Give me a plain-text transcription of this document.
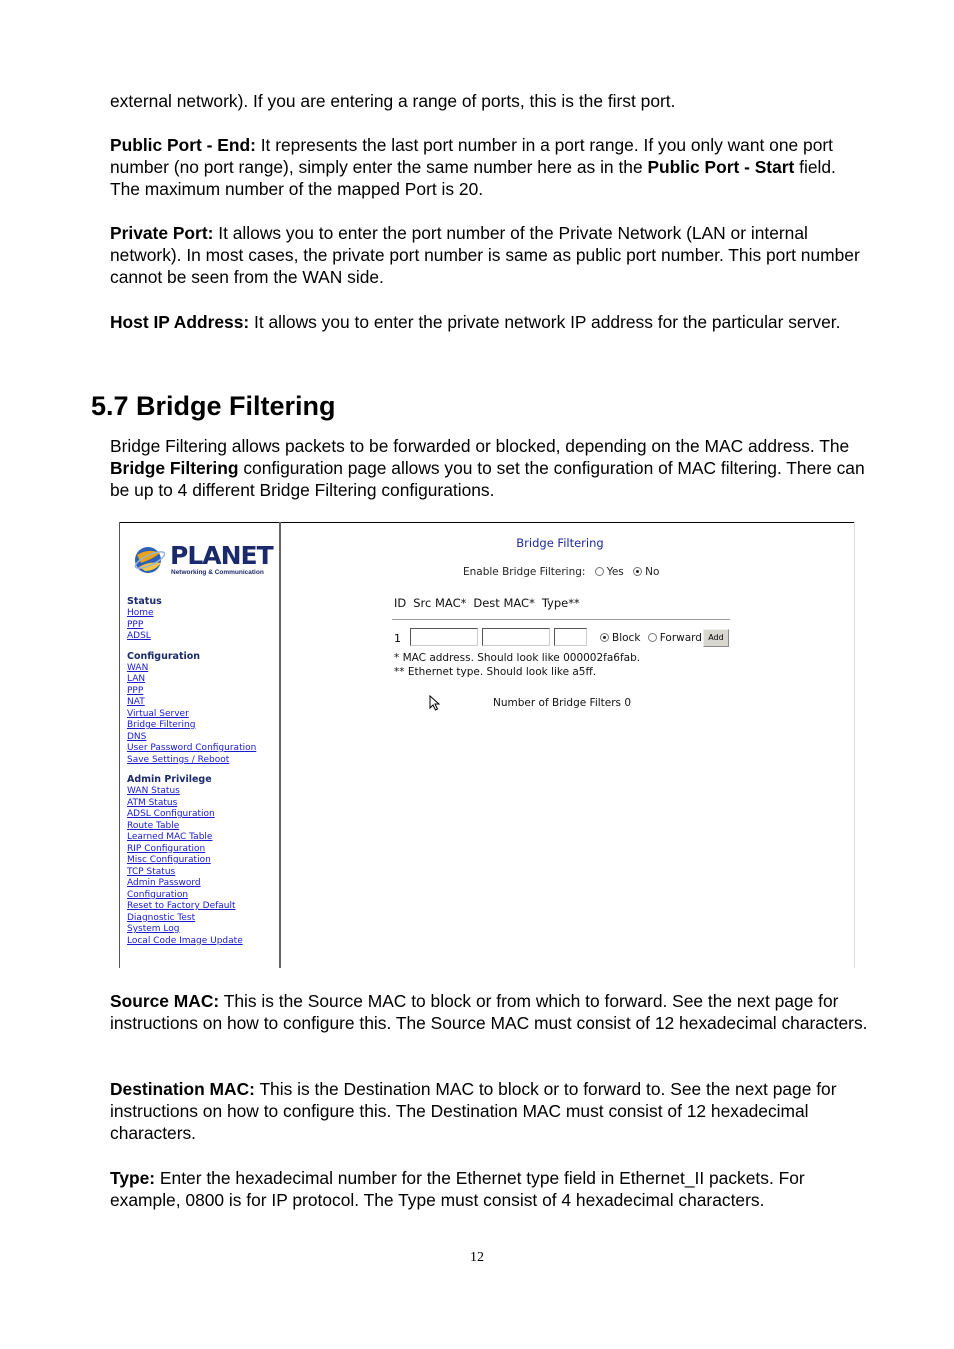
external network). If you are entering a range of ports, this is the first port.

Public Port - End: It represents the last port number in a port range. If you only want one port number (no port range), simply enter the same number here as in the Public Port - Start field. The maximum number of the mapped Port is 20.

Private Port: It allows you to enter the port number of the Private Network (LAN or internal network). In most cases, the private port number is same as public port number. This port number cannot be seen from the WAN side.

Host IP Address: It allows you to enter the private network IP address for the particular server.

5.7 Bridge Filtering

Bridge Filtering allows packets to be forwarded or blocked, depending on the MAC address. The Bridge Filtering configuration page allows you to set the configuration of MAC filtering. There can be up to 4 different Bridge Filtering configurations.

PLANET
Networking & Communication
Status
Home
PPP
ADSL
Configuration
WAN
LAN
PPP
NAT
Virtual Server
Bridge Filtering
DNS
User Password Configuration
Save Settings / Reboot
Admin Privilege
WAN Status
ATM Status
ADSL Configuration
Route Table
Learned MAC Table
RIP Configuration
Misc Configuration
TCP Status
Admin Password
Configuration
Reset to Factory Default
Diagnostic Test
System Log
Local Code Image Update
Bridge Filtering
Enable Bridge Filtering: Yes No
ID Src MAC* Dest MAC* Type**
1	Block Forward Add
* MAC address. Should look like 000002fa6fab.
** Ethernet type. Should look like a5ff.
Number of Bridge Filters 0

Source MAC: This is the Source MAC to block or from which to forward. See the next page for instructions on how to configure this. The Source MAC must consist of 12 hexadecimal characters.

Destination MAC: This is the Destination MAC to block or to forward to. See the next page for instructions on how to configure this. The Destination MAC must consist of 12 hexadecimal characters.

Type: Enter the hexadecimal number for the Ethernet type field in Ethernet_II packets. For example, 0800 is for IP protocol. The Type must consist of 4 hexadecimal characters.

12
